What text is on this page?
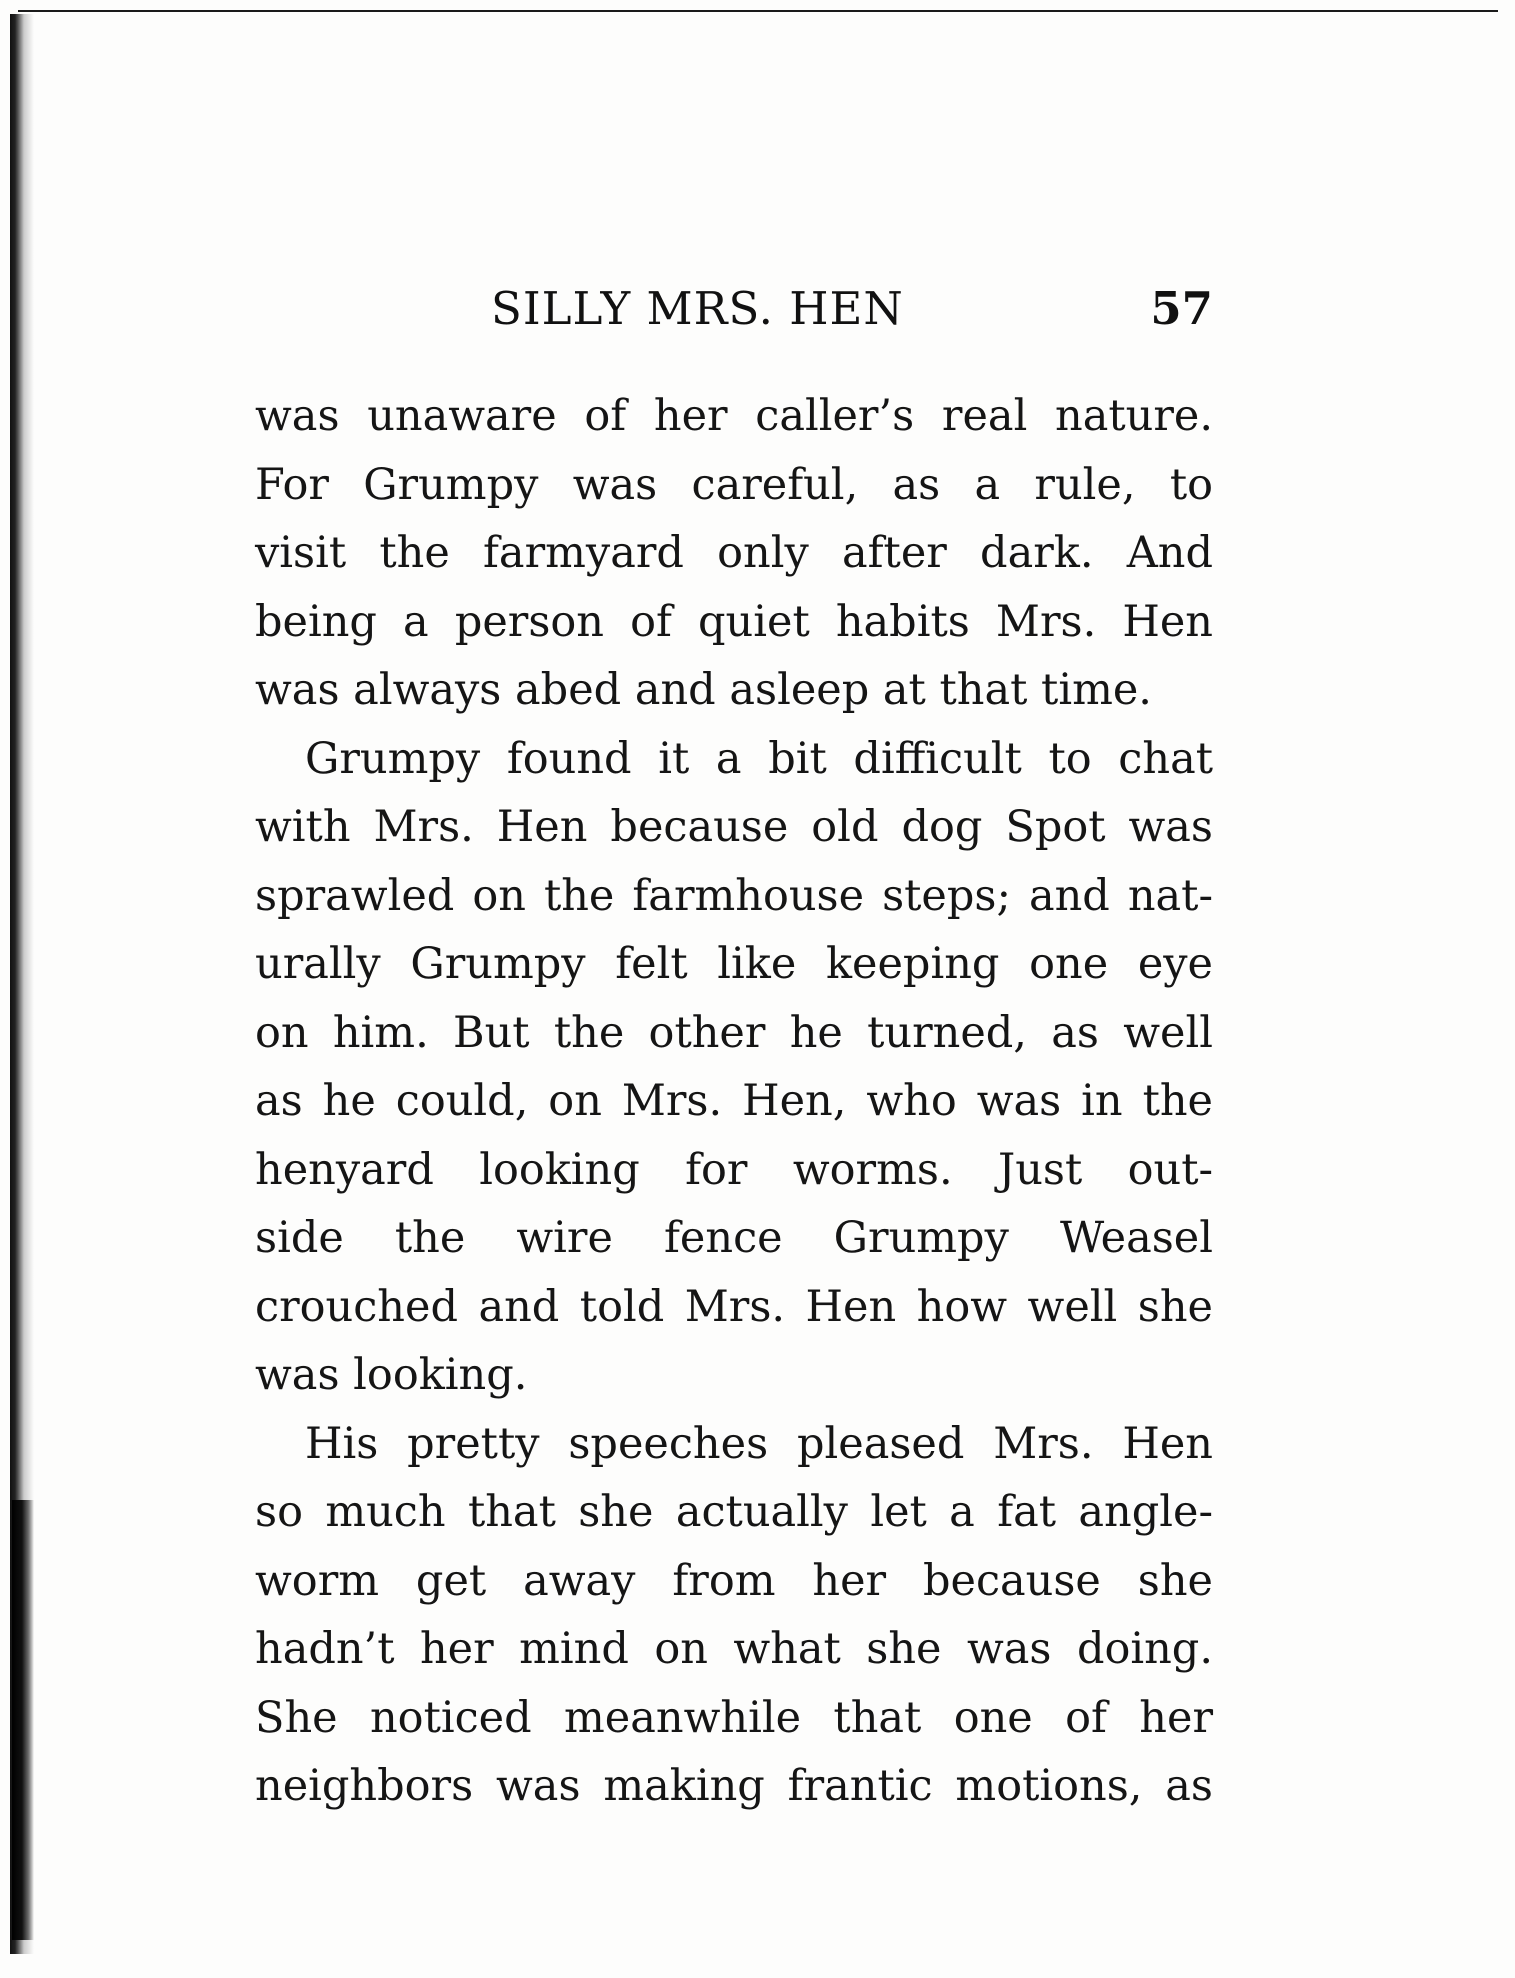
SILLY MRS. HEN	57
was unaware of her caller’s real nature.
For Grumpy was careful, as a rule, to
visit the farmyard only after dark. And
being a person of quiet habits Mrs. Hen
was always abed and asleep at that time.
Grumpy found it a bit difficult to chat
with Mrs. Hen because old dog Spot was
sprawled on the farmhouse steps; and nat-
urally Grumpy felt like keeping one eye
on him. But the other he turned, as well
as he could, on Mrs. Hen, who was in the
henyard looking for worms. Just out-
side the wire fence Grumpy Weasel
crouched and told Mrs. Hen how well she
was looking.
His pretty speeches pleased Mrs. Hen
so much that she actually let a fat angle-
worm get away from her because she
hadn’t her mind on what she was doing.
She noticed meanwhile that one of her
neighbors was making frantic motions, as
